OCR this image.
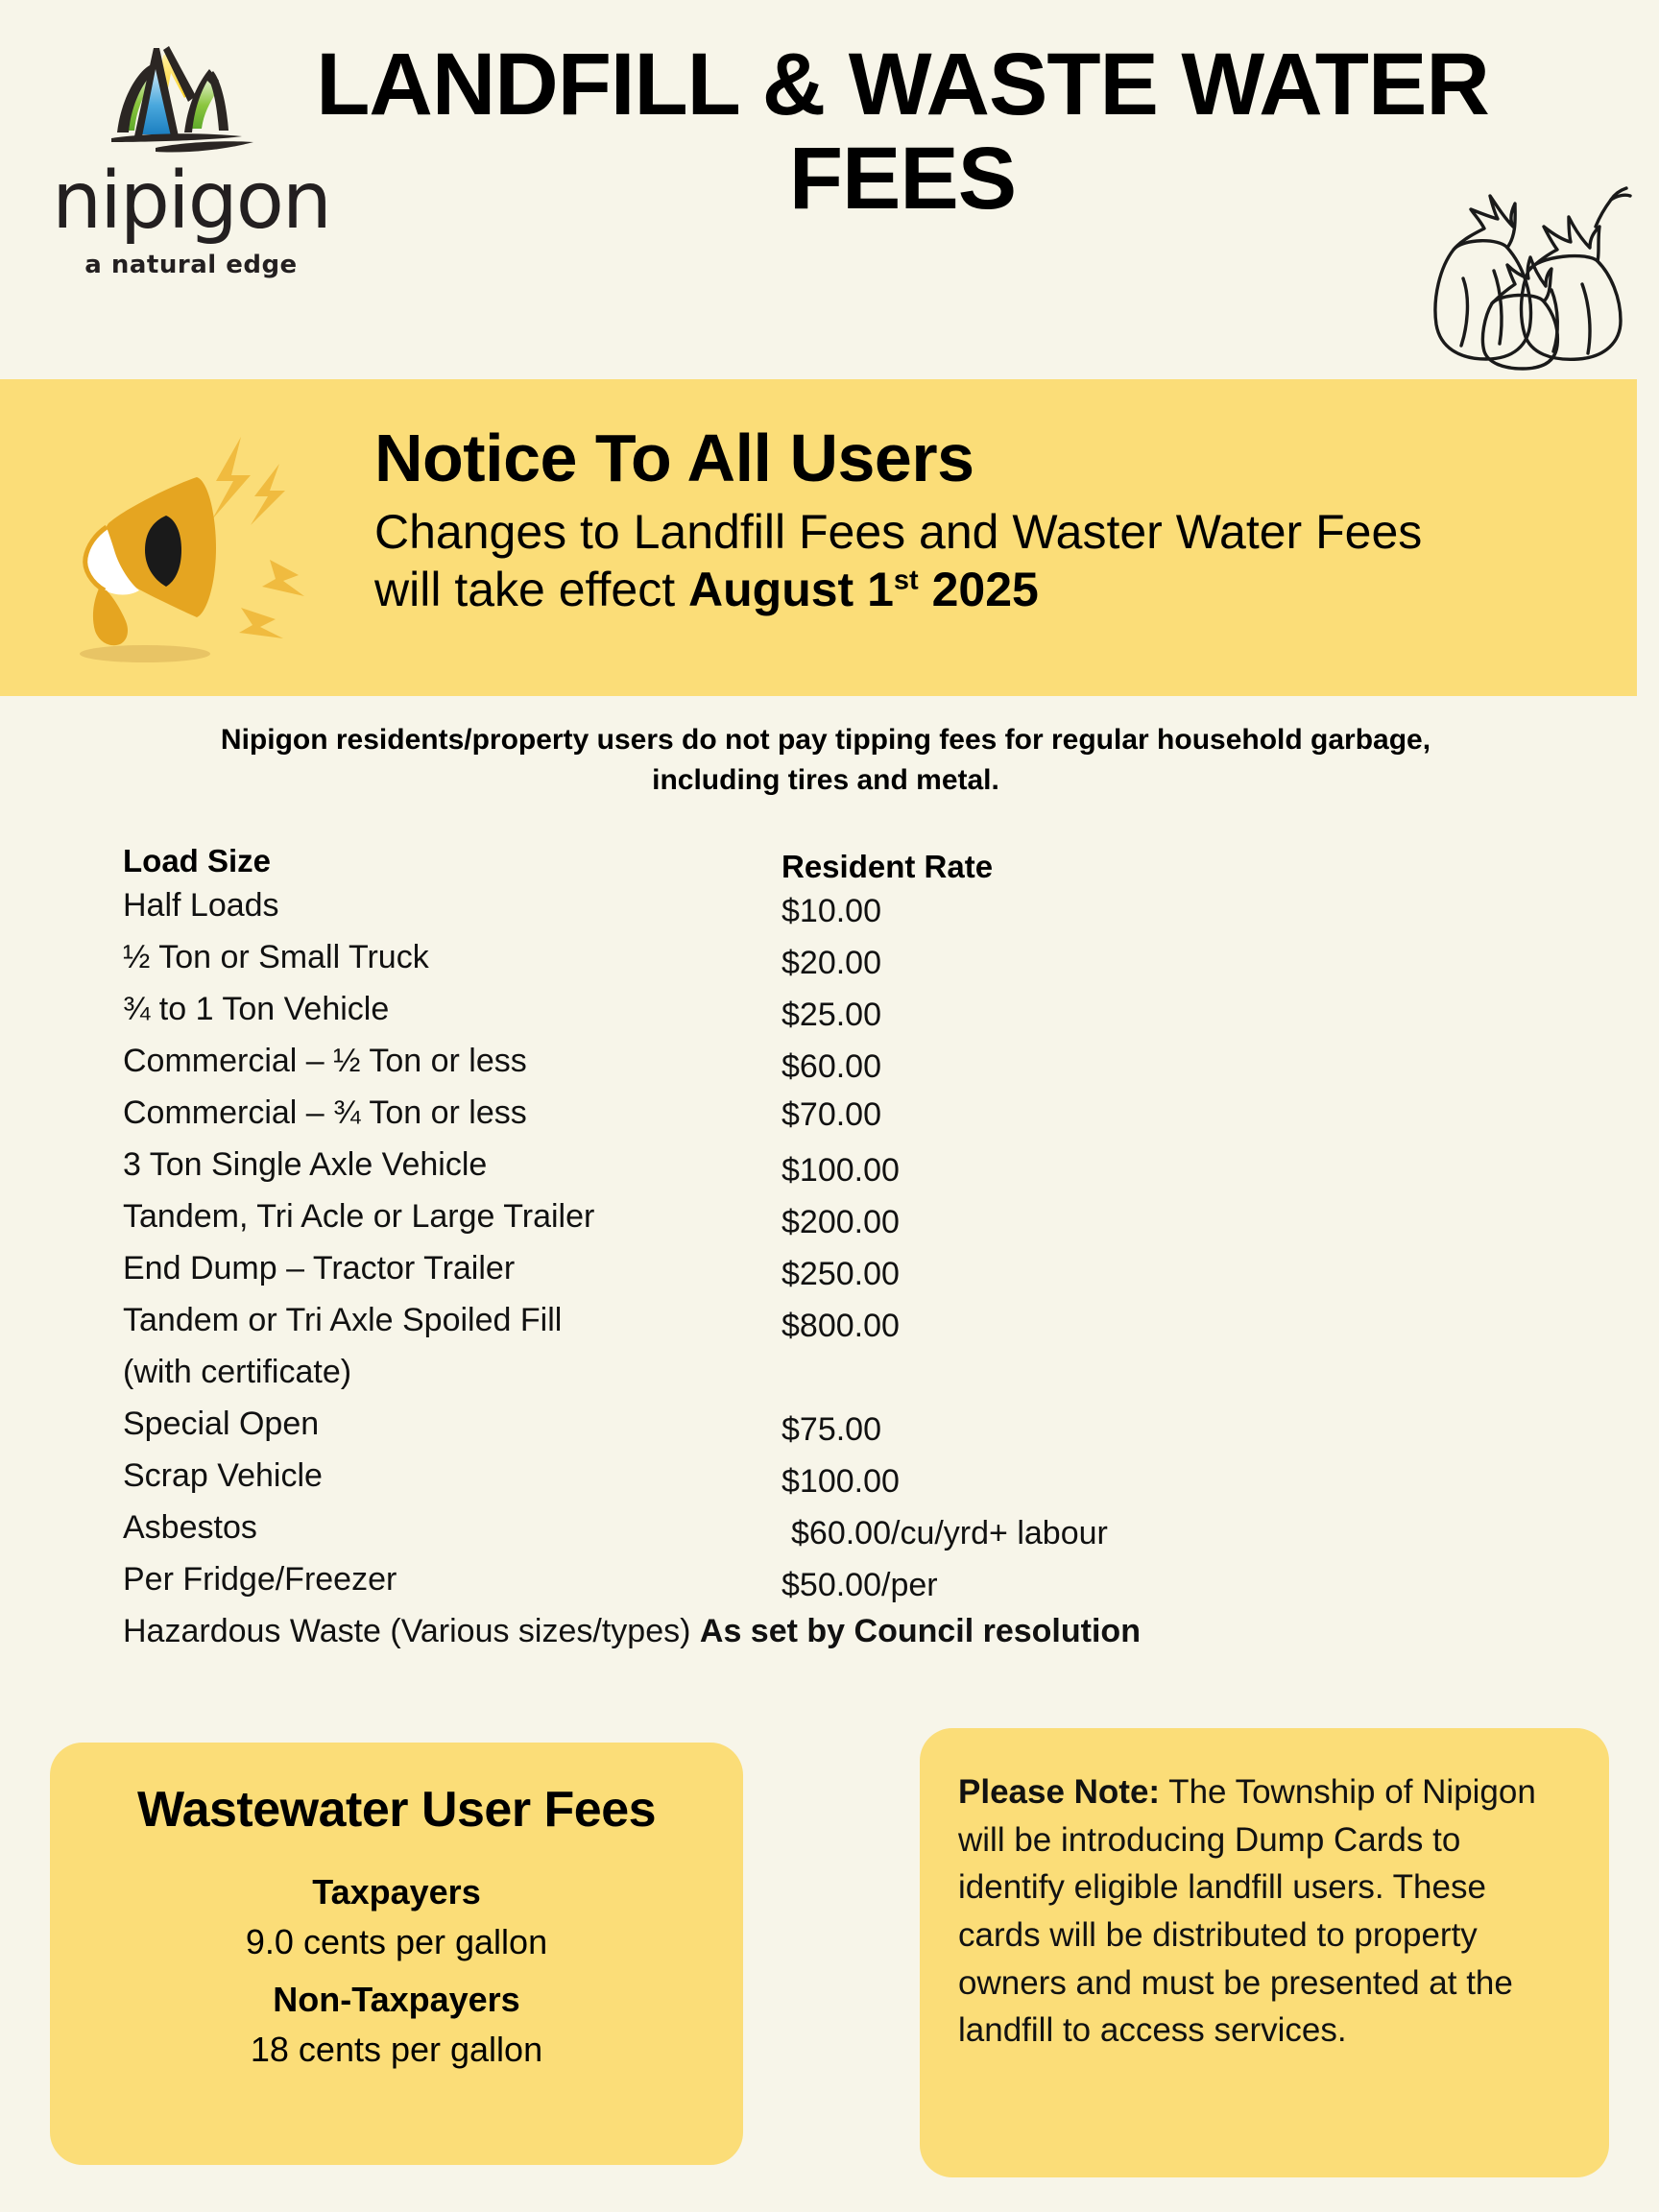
nipigon
a natural edge
LANDFILL & WASTE WATER FEES
Notice To All Users
Changes to Landfill Fees and Waster Water Fees
will take effect August 1st 2025
Nipigon residents/property users do not pay tipping fees for regular household garbage,
including tires and metal.
Load Size	Resident Rate
Half Loads	$10.00
½ Ton or Small Truck	$20.00
¾ to 1 Ton Vehicle	$25.00
Commercial – ½ Ton or less	$60.00
Commercial – ¾ Ton or less	$70.00
3 Ton Single Axle Vehicle	$100.00
Tandem, Tri Acle or Large Trailer	$200.00
End Dump – Tractor Trailer	$250.00
Tandem or Tri Axle Spoiled Fill	$800.00
(with certificate)
Special Open	$75.00
Scrap Vehicle	$100.00
Asbestos	$60.00/cu/yrd+ labour
Per Fridge/Freezer	$50.00/per
Hazardous Waste (Various sizes/types) As set by Council resolution
Wastewater User Fees
Taxpayers
9.0 cents per gallon
Non-Taxpayers
18 cents per gallon

Please Note: The Township of Nipigon will be introducing Dump Cards to identify eligible landfill users. These cards will be distributed to property owners and must be presented at the landfill to access services.
